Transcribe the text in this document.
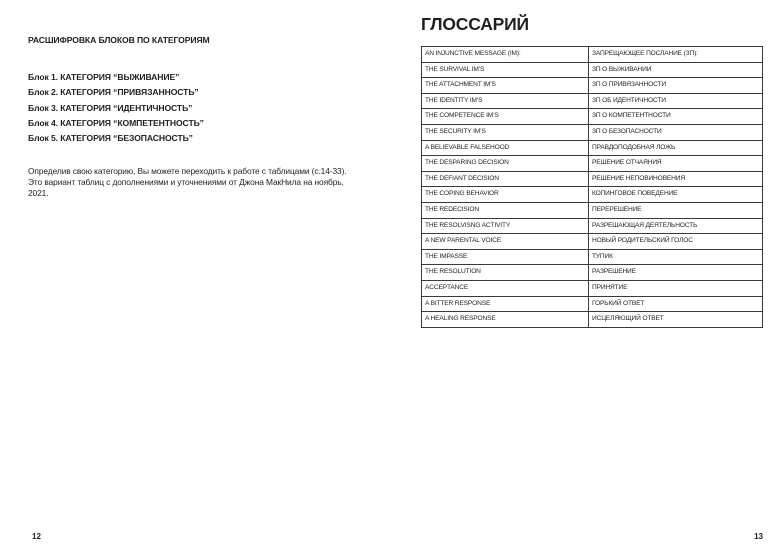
РАСШИФРОВКА БЛОКОВ ПО КАТЕГОРИЯМ
Блок 1. КАТЕГОРИЯ “ВЫЖИВАНИЕ”
Блок 2. КАТЕГОРИЯ “ПРИВЯЗАННОСТЬ”
Блок 3. КАТЕГОРИЯ “ИДЕНТИЧНОСТЬ”
Блок 4. КАТЕГОРИЯ “КОМПЕТЕНТНОСТЬ”
Блок 5. КАТЕГОРИЯ “БЕЗОПАСНОСТЬ”

Определив свою категорию, Вы можете переходить к работе с таблицами (с.14-33).
Это вариант таблиц с дополнениями и уточнениями от Джона МакНила на ноябрь,
2021.

12
ГЛОССАРИЙ
AN INJUNCTIVE MESSAGE (IM):	ЗАПРЕЩАЮЩЕЕ ПОСЛАНИЕ (ЗП):
THE SURVIVAL IM’S	ЗП О ВЫЖИВАНИИ
THE ATTACHMENT IM’S	ЗП О ПРИВЯЗАННОСТИ
THE IDENTITY IM’S	ЗП ОБ ИДЕНТИЧНОСТИ
THE COMPETENCE IM’S	ЗП О КОМПЕТЕНТНОСТИ
THE SECURITY IM’S	ЗП О БЕЗОПАСНОСТИ
A BELIEVABLE FALSEHOOD	ПРАВДОПОДОБНАЯ ЛОЖЬ
THE DESPARING DECISION	РЕШЕНИЕ ОТЧАЯНИЯ
THE DEFIANT DECISION	РЕШЕНИЕ НЕПОВИНОВЕНИЯ
THE COPING BEHAVIOR	КОПИНГОВОЕ ПОВЕДЕНИЕ
THE REDECISION	ПЕРЕРЕШЕНИЕ
THE RESOLVISNG ACTIVITY	РАЗРЕШАЮЩАЯ ДЕЯТЕЛЬНОСТЬ
A NEW PARENTAL VOICE	НОВЫЙ РОДИТЕЛЬСКИЙ ГОЛОС
THE IMPASSE	ТУПИК
THE RESOLUTION	РАЗРЕШЕНИЕ
ACCEPTANCE	ПРИНЯТИЕ
A BITTER RESPONSE	ГОРЬКИЙ ОТВЕТ
A HEALING RESPONSE	ИСЦЕЛЯЮЩИЙ ОТВЕТ
13
